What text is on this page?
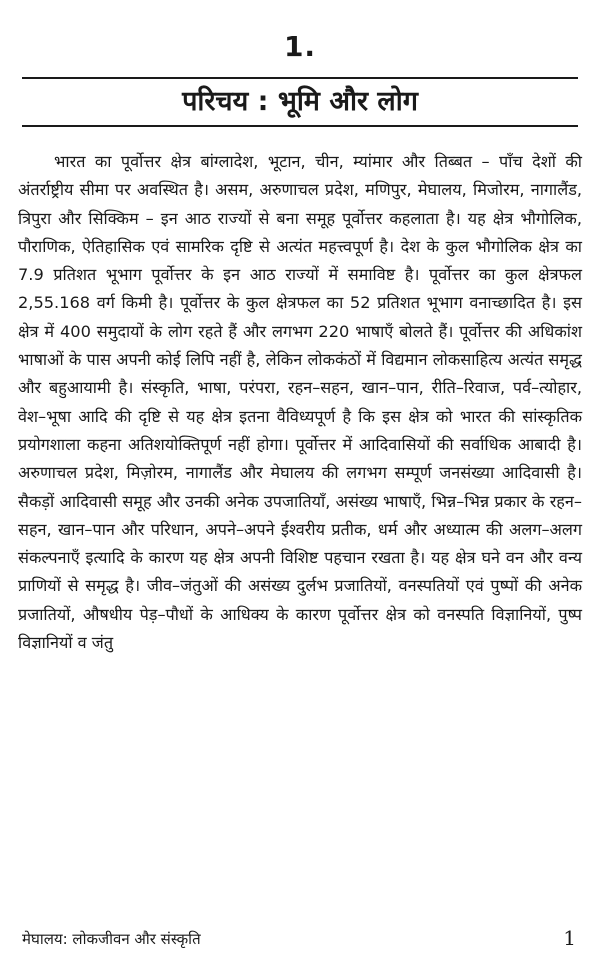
1.
परिचय : भूमि और लोग

भारत का पूर्वोत्तर क्षेत्र बांग्लादेश, भूटान, चीन, म्यांमार और तिब्बत – पाँच देशों की अंतर्राष्ट्रीय सीमा पर अवस्थित है। असम, अरुणाचल प्रदेश, मणिपुर, मेघालय, मिजोरम, नागालैंड, त्रिपुरा और सिक्किम – इन आठ राज्यों से बना समूह पूर्वोत्तर कहलाता है। यह क्षेत्र भौगोलिक, पौराणिक, ऐतिहासिक एवं सामरिक दृष्टि से अत्यंत महत्त्वपूर्ण है। देश के कुल भौगोलिक क्षेत्र का 7.9 प्रतिशत भूभाग पूर्वोत्तर के इन आठ राज्यों में समाविष्ट है। पूर्वोत्तर का कुल क्षेत्रफल 2,55.168 वर्ग किमी है। पूर्वोत्तर के कुल क्षेत्रफल का 52 प्रतिशत भूभाग वनाच्छादित है। इस क्षेत्र में 400 समुदायों के लोग रहते हैं और लगभग 220 भाषाएँ बोलते हैं। पूर्वोत्तर की अधिकांश भाषाओं के पास अपनी कोई लिपि नहीं है, लेकिन लोककंठों में विद्यमान लोकसाहित्य अत्यंत समृद्ध और बहुआयामी है। संस्कृति, भाषा, परंपरा, रहन–सहन, खान–पान, रीति–रिवाज, पर्व–त्योहार, वेश–भूषा आदि की दृष्टि से यह क्षेत्र इतना वैविध्यपूर्ण है कि इस क्षेत्र को भारत की सांस्कृतिक प्रयोगशाला कहना अतिशयोक्तिपूर्ण नहीं होगा। पूर्वोत्तर में आदिवासियों की सर्वाधिक आबादी है। अरुणाचल प्रदेश, मिज़ोरम, नागालैंड और मेघालय की लगभग सम्पूर्ण जनसंख्या आदिवासी है। सैकड़ों आदिवासी समूह और उनकी अनेक उपजातियाँ, असंख्य भाषाएँ, भिन्न–भिन्न प्रकार के रहन–सहन, खान–पान और परिधान, अपने–अपने ईश्वरीय प्रतीक, धर्म और अध्यात्म की अलग–अलग संकल्पनाएँ इत्यादि के कारण यह क्षेत्र अपनी विशिष्ट पहचान रखता है। यह क्षेत्र घने वन और वन्य प्राणियों से समृद्ध है। जीव–जंतुओं की असंख्य दुर्लभ प्रजातियों, वनस्पतियों एवं पुष्पों की अनेक प्रजातियों, औषधीय पेड़–पौधों के आधिक्य के कारण पूर्वोत्तर क्षेत्र को वनस्पति विज्ञानियों, पुष्प विज्ञानियों व जंतु

मेघालय: लोकजीवन और संस्कृति	1
